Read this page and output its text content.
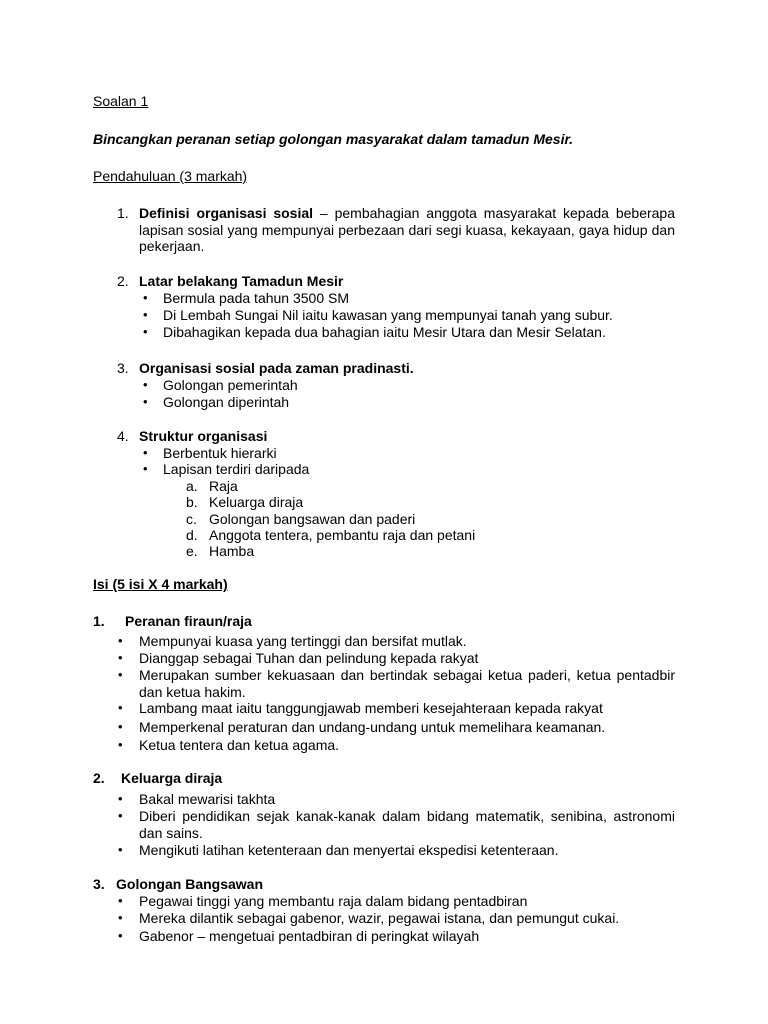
Soalan 1
Bincangkan peranan setiap golongan masyarakat dalam tamadun Mesir.
Pendahuluan (3 markah)
1. Definisi organisasi sosial – pembahagian anggota masyarakat kepada beberapa lapisan sosial yang mempunyai perbezaan dari segi kuasa, kekayaan, gaya hidup dan pekerjaan.
2. Latar belakang Tamadun Mesir
• Bermula pada tahun 3500 SM
• Di Lembah Sungai Nil iaitu kawasan yang mempunyai tanah yang subur.
• Dibahagikan kepada dua bahagian iaitu Mesir Utara dan Mesir Selatan.
3. Organisasi sosial pada zaman pradinasti.
• Golongan pemerintah
• Golongan diperintah
4. Struktur organisasi
• Berbentuk hierarki
• Lapisan terdiri daripada
a. Raja
b. Keluarga diraja
c. Golongan bangsawan dan paderi
d. Anggota tentera, pembantu raja dan petani
e. Hamba
Isi (5 isi X 4 markah)
1. Peranan firaun/raja
• Mempunyai kuasa yang tertinggi dan bersifat mutlak.
• Dianggap sebagai Tuhan dan pelindung kepada rakyat
• Merupakan sumber kekuasaan dan bertindak sebagai ketua paderi, ketua pentadbir dan ketua hakim.
• Lambang maat iaitu tanggungjawab memberi kesejahteraan kepada rakyat
• Memperkenal peraturan dan undang-undang untuk memelihara keamanan.
• Ketua tentera dan ketua agama.
2. Keluarga diraja
• Bakal mewarisi takhta
• Diberi pendidikan sejak kanak-kanak dalam bidang matematik, senibina, astronomi dan sains.
• Mengikuti latihan ketenteraan dan menyertai ekspedisi ketenteraan.
3. Golongan Bangsawan
• Pegawai tinggi yang membantu raja dalam bidang pentadbiran
• Mereka dilantik sebagai gabenor, wazir, pegawai istana, dan pemungut cukai.
• Gabenor – mengetuai pentadbiran di peringkat wilayah
